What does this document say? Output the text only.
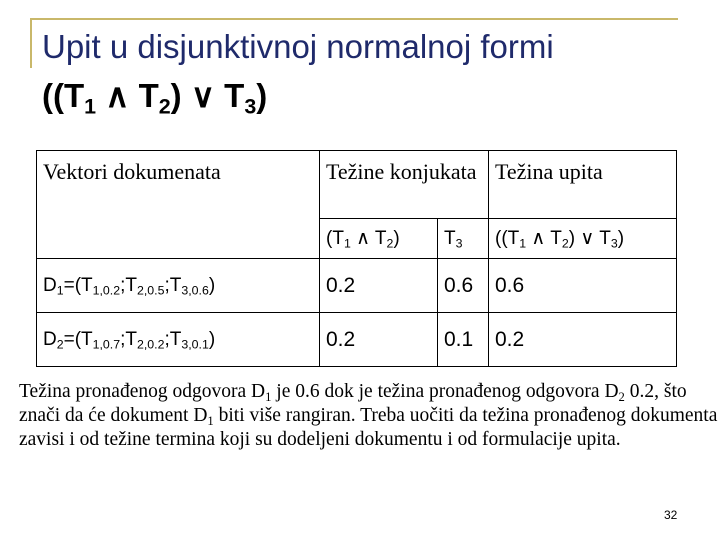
Upit u disjunktivnoj normalnoj formi
(($T_1$ ∧ $T_2$) ∨ $T_3$)
Vektori dokumenata	Težine konjukata		Težina upita
	($T_1$ ∧ $T_2$)	$T_3$	(($T_1$ ∧ $T_2$) ∨ $T_3$)
$D_1=(T_{1,0.2};T_{2,0.5};T_{3,0.6})$	0.2	0.6	0.6
$D_2=(T_{1,0.7};T_{2,0.2};T_{3,0.1})$	0.2	0.1	0.2
Težina pronađenog odgovora $D_1$ je 0.6 dok je težina pronađenog odgovora $D_2$ 0.2, što znači da će dokument $D_1$ biti više rangiran. Treba uočiti da težina pronađenog dokumenta zavisi i od težine termina koji su dodeljeni dokumentu i od formulacije upita.
32
